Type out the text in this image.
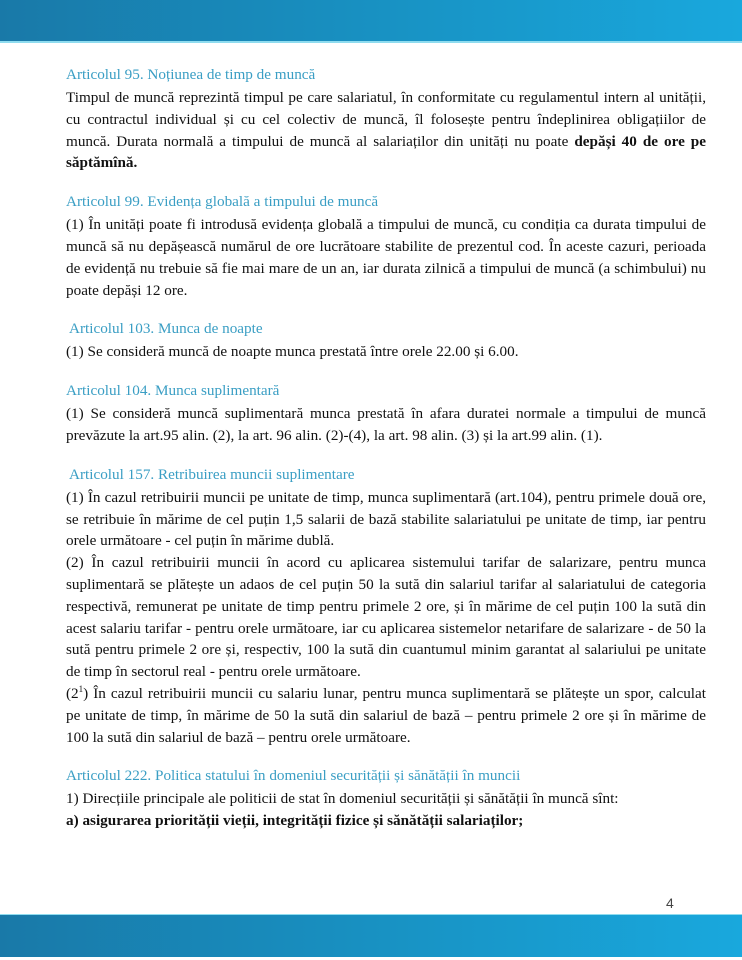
Articolul 95. Noțiunea de timp de muncă

Timpul de muncă reprezintă timpul pe care salariatul, în conformitate cu regulamentul intern al unității, cu contractul individual și cu cel colectiv de muncă, îl folosește pentru îndeplinirea obligațiilor de muncă. Durata normală a timpului de muncă al salariaților din unități nu poate depăși 40 de ore pe săptămînă.

Articolul 99. Evidența globală a timpului de muncă

(1) În unități poate fi introdusă evidența globală a timpului de muncă, cu condiția ca durata timpului de muncă să nu depășească numărul de ore lucrătoare stabilite de prezentul cod. În aceste cazuri, perioada de evidență nu trebuie să fie mai mare de un an, iar durata zilnică a timpului de muncă (a schimbului) nu poate depăși 12 ore.

Articolul 103. Munca de noapte

(1) Se consideră muncă de noapte munca prestată între orele 22.00 și 6.00.

Articolul 104. Munca suplimentară

(1) Se consideră muncă suplimentară munca prestată în afara duratei normale a timpului de muncă prevăzute la art.95 alin. (2), la art. 96 alin. (2)-(4), la art. 98 alin. (3) și la art.99 alin. (1).

Articolul 157. Retribuirea muncii suplimentare

(1) În cazul retribuirii muncii pe unitate de timp, munca suplimentară (art.104), pentru primele două ore, se retribuie în mărime de cel puțin 1,5 salarii de bază stabilite salariatului pe unitate de timp, iar pentru orele următoare - cel puțin în mărime dublă.

(2) În cazul retribuirii muncii în acord cu aplicarea sistemului tarifar de salarizare, pentru munca suplimentară se plătește un adaos de cel puțin 50 la sută din salariul tarifar al salariatului de categoria respectivă, remunerat pe unitate de timp pentru primele 2 ore, și în mărime de cel puțin 100 la sută din acest salariu tarifar - pentru orele următoare, iar cu aplicarea sistemelor netarifare de salarizare - de 50 la sută pentru primele 2 ore și, respectiv, 100 la sută din cuantumul minim garantat al salariului pe unitate de timp în sectorul real - pentru orele următoare.

$(2^1)$ În cazul retribuirii muncii cu salariu lunar, pentru munca suplimentară se plătește un spor, calculat pe unitate de timp, în mărime de 50 la sută din salariul de bază – pentru primele 2 ore și în mărime de 100 la sută din salariul de bază – pentru orele următoare.

Articolul 222. Politica statului în domeniul securității și sănătății în muncii

1) Direcțiile principale ale politicii de stat în domeniul securității și sănătății în muncă sînt:

a) asigurarea priorității vieții, integrității fizice și sănătății salariaților;

4
